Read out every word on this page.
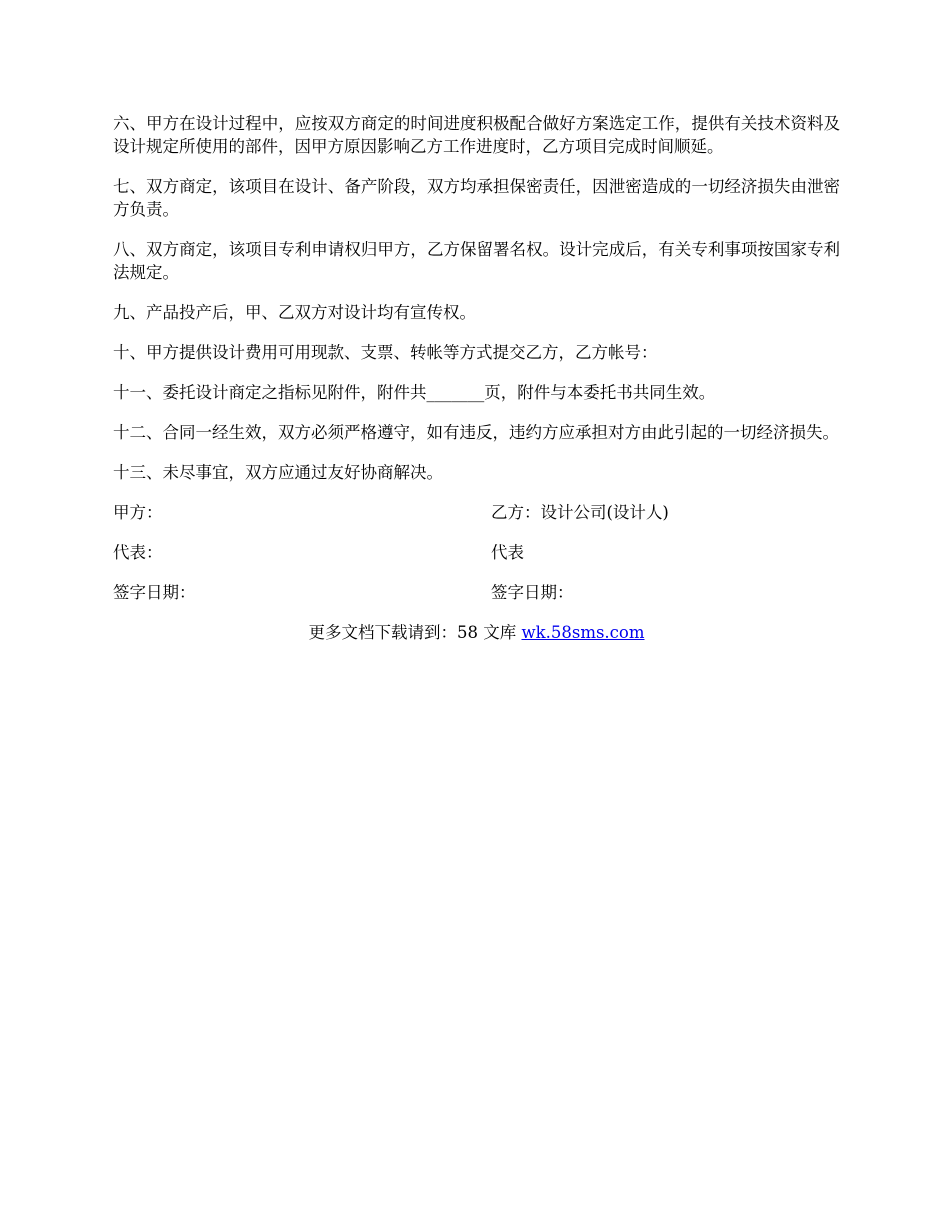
六、甲方在设计过程中，应按双方商定的时间进度积极配合做好方案选定工作，提供有关技术资料及设计规定所使用的部件，因甲方原因影响乙方工作进度时，乙方项目完成时间顺延。

七、双方商定，该项目在设计、备产阶段，双方均承担保密责任，因泄密造成的一切经济损失由泄密方负责。

八、双方商定，该项目专利申请权归甲方，乙方保留署名权。设计完成后，有关专利事项按国家专利法规定。

九、产品投产后，甲、乙双方对设计均有宣传权。

十、甲方提供设计费用可用现款、支票、转帐等方式提交乙方，乙方帐号：

十一、委托设计商定之指标见附件，附件共_______页，附件与本委托书共同生效。

十二、合同一经生效，双方必须严格遵守，如有违反，违约方应承担对方由此引起的一切经济损失。

十三、未尽事宜，双方应通过友好协商解决。

甲方：	乙方：设计公司(设计人)
代表：	代表
签字日期：	签字日期：
更多文档下载请到：58 文库 wk.58sms.com
